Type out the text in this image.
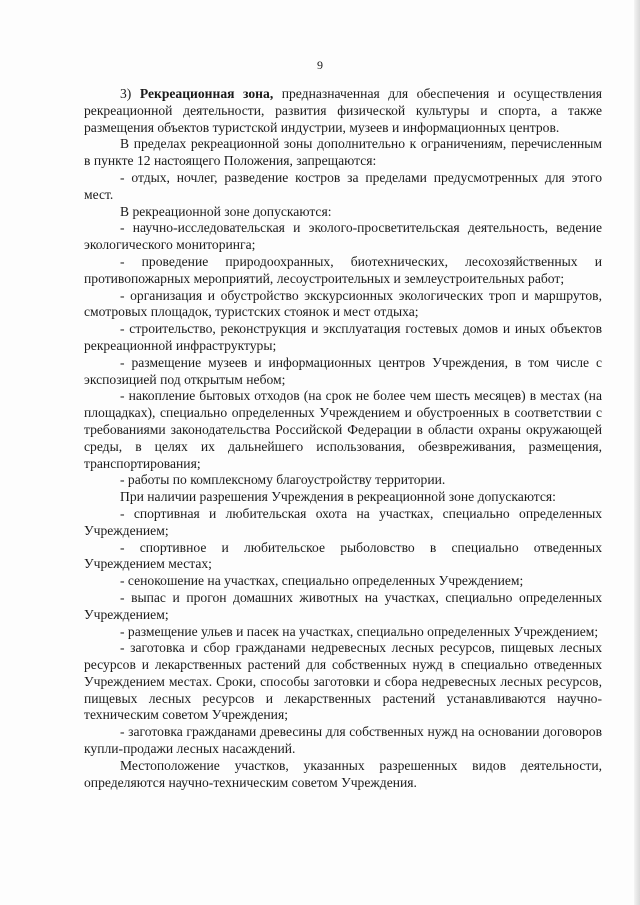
9

3) Рекреационная зона, предназначенная для обеспечения и осуществления рекреационной деятельности, развития физической культуры и спорта, а также размещения объектов туристской индустрии, музеев и информационных центров.

В пределах рекреационной зоны дополнительно к ограничениям, перечисленным в пункте 12 настоящего Положения, запрещаются:

- отдых, ночлег, разведение костров за пределами предусмотренных для этого мест.

В рекреационной зоне допускаются:

- научно-исследовательская и эколого-просветительская деятельность, ведение экологического мониторинга;

- проведение природоохранных, биотехнических, лесохозяйственных и противопожарных мероприятий, лесоустроительных и землеустроительных работ;

- организация и обустройство экскурсионных экологических троп и маршрутов, смотровых площадок, туристских стоянок и мест отдыха;

- строительство, реконструкция и эксплуатация гостевых домов и иных объектов рекреационной инфраструктуры;

- размещение музеев и информационных центров Учреждения, в том числе с экспозицией под открытым небом;

- накопление бытовых отходов (на срок не более чем шесть месяцев) в местах (на площадках), специально определенных Учреждением и обустроенных в соответствии с требованиями законодательства Российской Федерации в области охраны окружающей среды, в целях их дальнейшего использования, обезвреживания, размещения, транспортирования;

- работы по комплексному благоустройству территории.

При наличии разрешения Учреждения в рекреационной зоне допускаются:

- спортивная и любительская охота на участках, специально определенных Учреждением;

- спортивное и любительское рыболовство в специально отведенных Учреждением местах;

- сенокошение на участках, специально определенных Учреждением;

- выпас и прогон домашних животных на участках, специально определенных Учреждением;

- размещение ульев и пасек на участках, специально определенных Учреждением;

- заготовка и сбор гражданами недревесных лесных ресурсов, пищевых лесных ресурсов и лекарственных растений для собственных нужд в специально отведенных Учреждением местах. Сроки, способы заготовки и сбора недревесных лесных ресурсов, пищевых лесных ресурсов и лекарственных растений устанавливаются научно-техническим советом Учреждения;

- заготовка гражданами древесины для собственных нужд на основании договоров купли-продажи лесных насаждений.

Местоположение участков, указанных разрешенных видов деятельности, определяются научно-техническим советом Учреждения.
